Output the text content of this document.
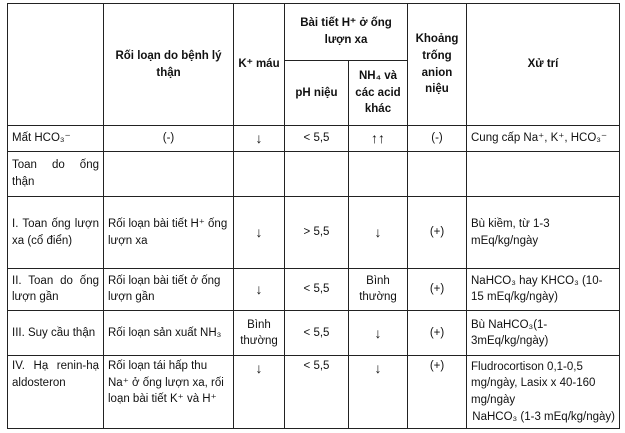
	Rối loạn do bệnh lý thận	K⁺ máu	Bài tiết H⁺ ở ống lượn xa		Khoảng trống anion niệu	Xử trí
			pH niệu	NH₄ và các acid khác		
Mất HCO₃⁻	(-)	↓	< 5,5	↑↑	(-)	Cung cấp Na⁺, K⁺, HCO₃⁻
Toan do ống thận						
I. Toan ống lượn xa (cổ điển)	Rối loạn bài tiết H⁺ ống lượn xa	↓	> 5,5	↓	(+)	Bù kiềm, từ 1-3 mEq/kg/ngày
II. Toan do ống lượn gần	Rối loạn bài tiết ở ống lượn gần	↓	< 5,5	Bình thường	(+)	NaHCO₃ hay KHCO₃ (10-15 mEq/kg/ngày)
III. Suy cầu thận	Rối loạn sản xuất NH₃	Bình thường	< 5,5	↓	(+)	Bù NaHCO₃(1-3mEq/kg/ngày)
IV. Hạ renin-hạ aldosteron	Rối loạn tái hấp thu Na⁺ ở ống lượn xa, rối loạn bài tiết K⁺ và H⁺	↓	< 5,5	↓	(+)	Fludrocortison 0,1-0,5 mg/ngày, Lasix x 40-160 mg/ngày
NaHCO₃ (1-3 mEq/kg/ngày)
